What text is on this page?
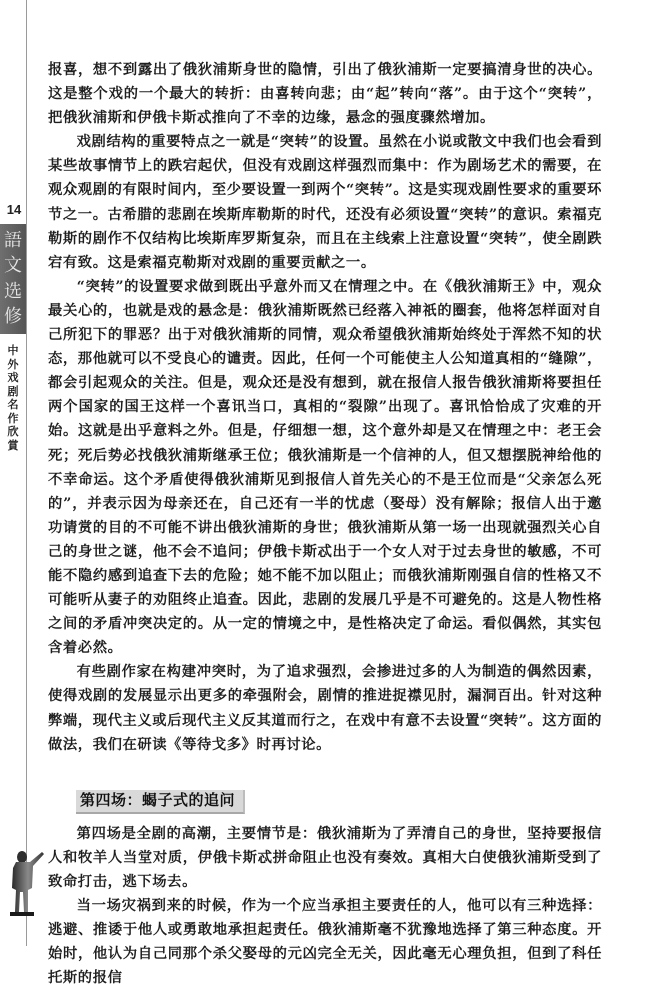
14
語
文
选
修
中
外
戏
剧
名
作
欣
賞

报喜，想不到露出了俄狄浦斯身世的隐情，引出了俄狄浦斯一定要搞清身世的决心。这是整个戏的一个最大的转折：由喜转向悲；由“起”转向“落”。由于这个“突转”，把俄狄浦斯和伊俄卡斯忒推向了不幸的边缘，悬念的强度骤然增加。

戏剧结构的重要特点之一就是“突转”的设置。虽然在小说或散文中我们也会看到某些故事情节上的跌宕起伏，但没有戏剧这样强烈而集中：作为剧场艺术的需要，在观众观剧的有限时间内，至少要设置一到两个“突转”。这是实现戏剧性要求的重要环节之一。古希腊的悲剧在埃斯库勒斯的时代，还没有必须设置“突转”的意识。索福克勒斯的剧作不仅结构比埃斯库罗斯复杂，而且在主线索上注意设置“突转”，使全剧跌宕有致。这是索福克勒斯对戏剧的重要贡献之一。

“突转”的设置要求做到既出乎意外而又在情理之中。在《俄狄浦斯王》中，观众最关心的，也就是戏的悬念是：俄狄浦斯既然已经落入神祇的圈套，他将怎样面对自己所犯下的罪恶？出于对俄狄浦斯的同情，观众希望俄狄浦斯始终处于浑然不知的状态，那他就可以不受良心的谴责。因此，任何一个可能使主人公知道真相的“缝隙”，都会引起观众的关注。但是，观众还是没有想到，就在报信人报告俄狄浦斯将要担任两个国家的国王这样一个喜讯当口，真相的“裂隙”出现了。喜讯恰恰成了灾难的开始。这就是出乎意料之外。但是，仔细想一想，这个意外却是又在情理之中：老王会死；死后势必找俄狄浦斯继承王位；俄狄浦斯是一个信神的人，但又想摆脱神给他的不幸命运。这个矛盾使得俄狄浦斯见到报信人首先关心的不是王位而是“父亲怎么死的”，并表示因为母亲还在，自己还有一半的忧虑（娶母）没有解除；报信人出于邀功请赏的目的不可能不讲出俄狄浦斯的身世；俄狄浦斯从第一场一出现就强烈关心自己的身世之谜，他不会不追问；伊俄卡斯忒出于一个女人对于过去身世的敏感，不可能不隐约感到追查下去的危险；她不能不加以阻止；而俄狄浦斯刚强自信的性格又不可能听从妻子的劝阻终止追查。因此，悲剧的发展几乎是不可避免的。这是人物性格之间的矛盾冲突决定的。从一定的情境之中，是性格决定了命运。看似偶然，其实包含着必然。

有些剧作家在构建冲突时，为了追求强烈，会掺进过多的人为制造的偶然因素，使得戏剧的发展显示出更多的牵强附会，剧情的推进捉襟见肘，漏洞百出。针对这种弊端，现代主义或后现代主义反其道而行之，在戏中有意不去设置“突转”。这方面的做法，我们在研读《等待戈多》时再讨论。

第四场：蝎子式的追问

第四场是全剧的高潮，主要情节是：俄狄浦斯为了弄清自己的身世，坚持要报信人和牧羊人当堂对质，伊俄卡斯忒拼命阻止也没有奏效。真相大白使俄狄浦斯受到了致命打击，逃下场去。

当一场灾祸到来的时候，作为一个应当承担主要责任的人，他可以有三种选择：逃避、推诿于他人或勇敢地承担起责任。俄狄浦斯毫不犹豫地选择了第三种态度。开始时，他认为自己同那个杀父娶母的元凶完全无关，因此毫无心理负担，但到了科任托斯的报信
